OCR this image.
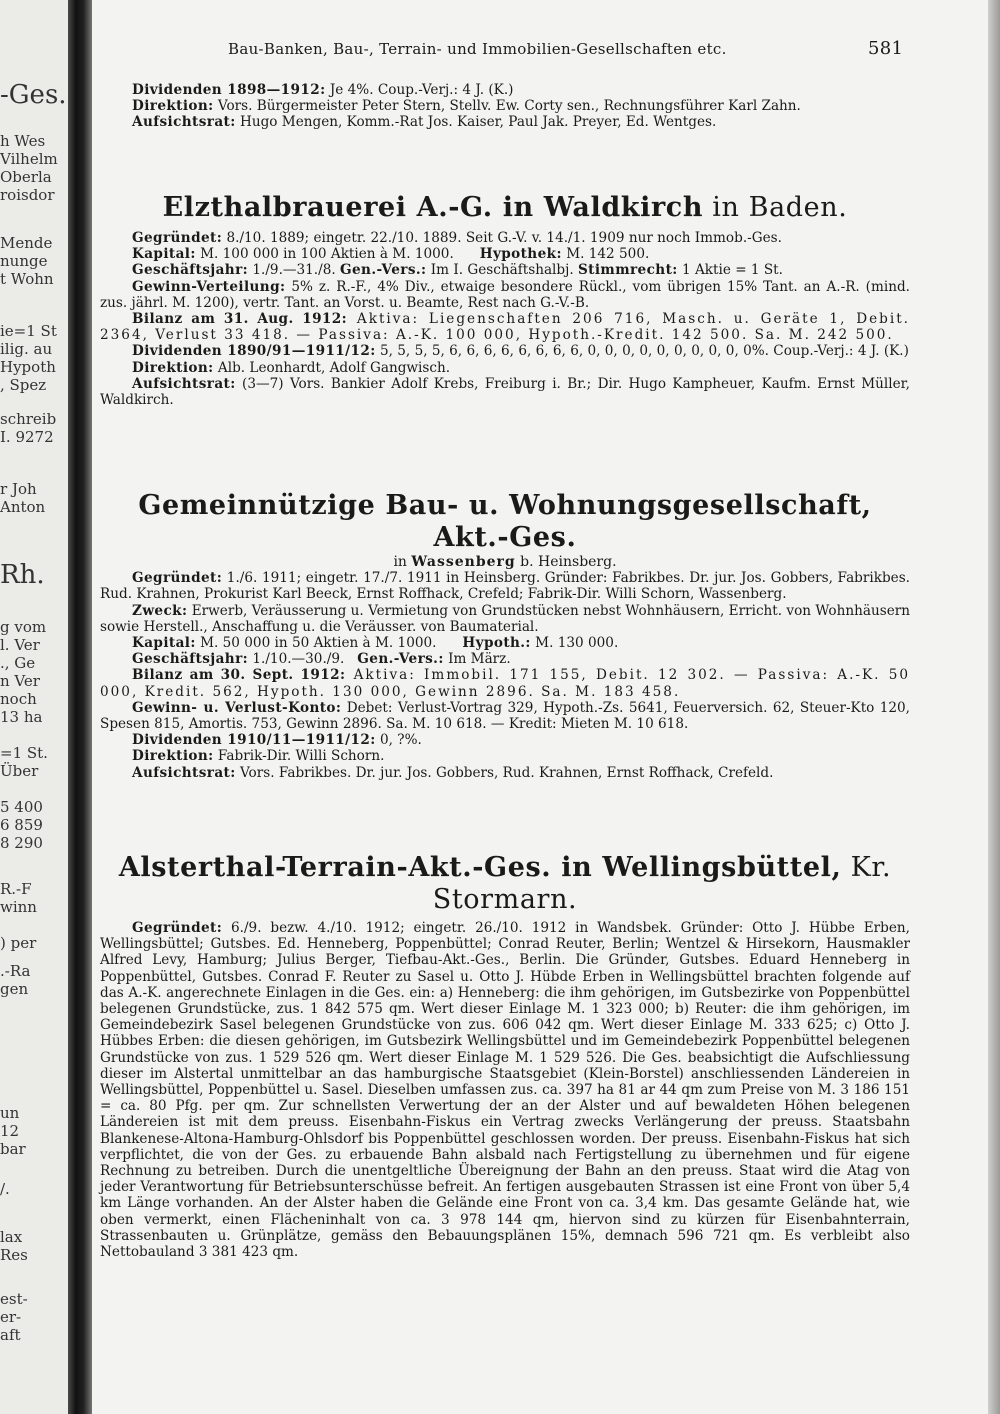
-Ges.
h Wes
Vilhelm
Oberla
roisdor
Mende
nunge
t Wohn
ie=1 St
ilig. au
Hypoth
, Spez
schreib
I. 9272
r Joh
Anton
Rh.
g vom
l. Ver
., Ge
n Ver
noch
13 ha
=1 St.
Über
5 400
6 859
8 290
R.-F
winn
) per
.-Ra
gen
un
12
bar
/.
lax
Res
est-
er-
aft
Bau-Banken, Bau-, Terrain- und Immobilien-Gesellschaften etc.	581

Dividenden 1898—1912: Je 4%. Coup.-Verj.: 4 J. (K.)

Direktion: Vors. Bürgermeister Peter Stern, Stellv. Ew. Corty sen., Rechnungsführer Karl Zahn.

Aufsichtsrat: Hugo Mengen, Komm.-Rat Jos. Kaiser, Paul Jak. Preyer, Ed. Wentges.

Elzthalbrauerei A.-G. in Waldkirch in Baden.

Gegründet: 8./10. 1889; eingetr. 22./10. 1889. Seit G.-V. v. 14./1. 1909 nur noch Immob.-Ges.

Kapital: M. 100 000 in 100 Aktien à M. 1000. Hypothek: M. 142 500.

Geschäftsjahr: 1./9.—31./8. Gen.-Vers.: Im I. Geschäftshalbj. Stimmrecht: 1 Aktie = 1 St.

Gewinn-Verteilung: 5% z. R.-F., 4% Div., etwaige besondere Rückl., vom übrigen 15% Tant. an A.-R. (mind. zus. jährl. M. 1200), vertr. Tant. an Vorst. u. Beamte, Rest nach G.-V.-B.

Bilanz am 31. Aug. 1912: Aktiva: Liegenschaften 206 716, Masch. u. Geräte 1, Debit. 2364, Verlust 33 418. — Passiva: A.-K. 100 000, Hypoth.-Kredit. 142 500. Sa. M. 242 500.

Dividenden 1890/91—1911/12: 5, 5, 5, 5, 6, 6, 6, 6, 6, 6, 6, 6, 0, 0, 0, 0, 0, 0, 0, 0, 0, 0%. Coup.-Verj.: 4 J. (K.)

Direktion: Alb. Leonhardt, Adolf Gangwisch.

Aufsichtsrat: (3—7) Vors. Bankier Adolf Krebs, Freiburg i. Br.; Dir. Hugo Kampheuer, Kaufm. Ernst Müller, Waldkirch.

Gemeinnützige Bau- u. Wohnungsgesellschaft, Akt.-Ges.

in Wassenberg b. Heinsberg.

Gegründet: 1./6. 1911; eingetr. 17./7. 1911 in Heinsberg. Gründer: Fabrikbes. Dr. jur. Jos. Gobbers, Fabrikbes. Rud. Krahnen, Prokurist Karl Beeck, Ernst Roffhack, Crefeld; Fabrik-Dir. Willi Schorn, Wassenberg.

Zweck: Erwerb, Veräusserung u. Vermietung von Grundstücken nebst Wohnhäusern, Erricht. von Wohnhäusern sowie Herstell., Anschaffung u. die Veräusser. von Baumaterial.

Kapital: M. 50 000 in 50 Aktien à M. 1000. Hypoth.: M. 130 000.

Geschäftsjahr: 1./10.—30./9. Gen.-Vers.: Im März.

Bilanz am 30. Sept. 1912: Aktiva: Immobil. 171 155, Debit. 12 302. — Passiva: A.-K. 50 000, Kredit. 562, Hypoth. 130 000, Gewinn 2896. Sa. M. 183 458.

Gewinn- u. Verlust-Konto: Debet: Verlust-Vortrag 329, Hypoth.-Zs. 5641, Feuerversich. 62, Steuer-Kto 120, Spesen 815, Amortis. 753, Gewinn 2896. Sa. M. 10 618. — Kredit: Mieten M. 10 618.

Dividenden 1910/11—1911/12: 0, ?%.

Direktion: Fabrik-Dir. Willi Schorn.

Aufsichtsrat: Vors. Fabrikbes. Dr. jur. Jos. Gobbers, Rud. Krahnen, Ernst Roffhack, Crefeld.

Alsterthal-Terrain-Akt.-Ges. in Wellingsbüttel, Kr. Stormarn.

Gegründet: 6./9. bezw. 4./10. 1912; eingetr. 26./10. 1912 in Wandsbek. Gründer: Otto J. Hübbe Erben, Wellingsbüttel; Gutsbes. Ed. Henneberg, Poppenbüttel; Conrad Reuter, Berlin; Wentzel & Hirsekorn, Hausmakler Alfred Levy, Hamburg; Julius Berger, Tiefbau-Akt.-Ges., Berlin. Die Gründer, Gutsbes. Eduard Henneberg in Poppenbüttel, Gutsbes. Conrad F. Reuter zu Sasel u. Otto J. Hübde Erben in Wellingsbüttel brachten folgende auf das A.-K. angerechnete Einlagen in die Ges. ein: a) Henneberg: die ihm gehörigen, im Gutsbezirke von Poppenbüttel belegenen Grundstücke, zus. 1 842 575 qm. Wert dieser Einlage M. 1 323 000; b) Reuter: die ihm gehörigen, im Gemeindebezirk Sasel belegenen Grundstücke von zus. 606 042 qm. Wert dieser Einlage M. 333 625; c) Otto J. Hübbes Erben: die diesen gehörigen, im Gutsbezirk Wellingsbüttel und im Gemeindebezirk Poppenbüttel belegenen Grundstücke von zus. 1 529 526 qm. Wert dieser Einlage M. 1 529 526. Die Ges. beabsichtigt die Aufschliessung dieser im Alstertal unmittelbar an das hamburgische Staatsgebiet (Klein-Borstel) anschliessenden Ländereien in Wellingsbüttel, Poppenbüttel u. Sasel. Dieselben umfassen zus. ca. 397 ha 81 ar 44 qm zum Preise von M. 3 186 151 = ca. 80 Pfg. per qm. Zur schnellsten Verwertung der an der Alster und auf bewaldeten Höhen belegenen Ländereien ist mit dem preuss. Eisenbahn-Fiskus ein Vertrag zwecks Verlängerung der preuss. Staatsbahn Blankenese-Altona-Hamburg-Ohlsdorf bis Poppenbüttel geschlossen worden. Der preuss. Eisenbahn-Fiskus hat sich verpflichtet, die von der Ges. zu erbauende Bahn alsbald nach Fertigstellung zu übernehmen und für eigene Rechnung zu betreiben. Durch die unentgeltliche Übereignung der Bahn an den preuss. Staat wird die Atag von jeder Verantwortung für Betriebsunterschüsse befreit. An fertigen ausgebauten Strassen ist eine Front von über 5,4 km Länge vorhanden. An der Alster haben die Gelände eine Front von ca. 3,4 km. Das gesamte Gelände hat, wie oben vermerkt, einen Flächeninhalt von ca. 3 978 144 qm, hiervon sind zu kürzen für Eisenbahnterrain, Strassenbauten u. Grünplätze, gemäss den Bebauungsplänen 15%, demnach 596 721 qm. Es verbleibt also Nettobauland 3 381 423 qm.
